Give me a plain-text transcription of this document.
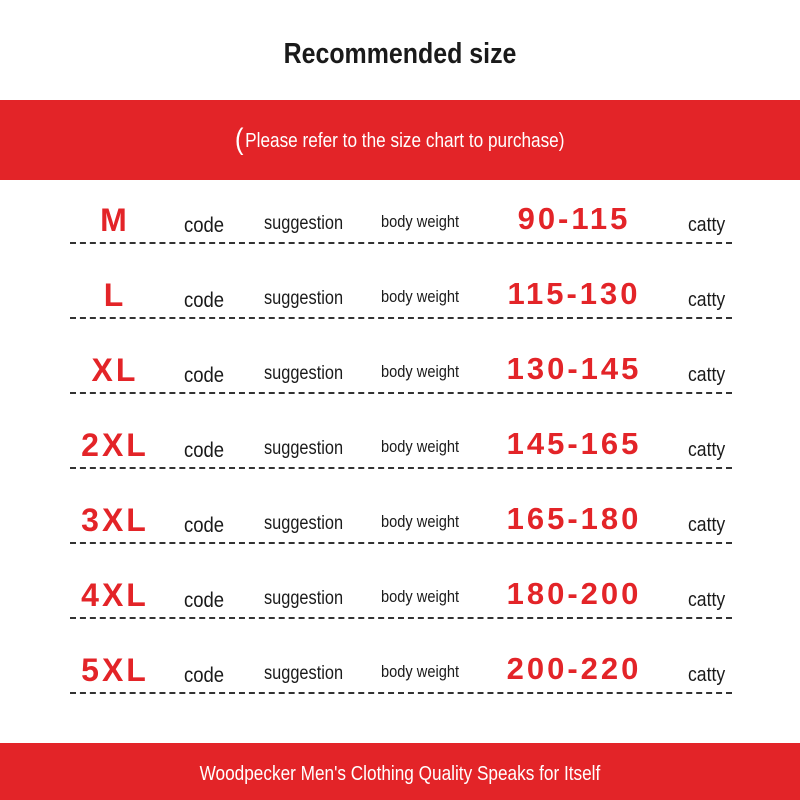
Recommended size
(Please refer to the size chart to purchase)
M	code suggestion body weight	90-115	catty
L	code suggestion body weight	115-130	catty
XL	code suggestion body weight	130-145	catty
2XL	code suggestion body weight	145-165	catty
3XL	code suggestion body weight	165-180	catty
4XL	code suggestion body weight	180-200	catty
5XL	code suggestion body weight	200-220	catty
Woodpecker Men's Clothing Quality Speaks for Itself
